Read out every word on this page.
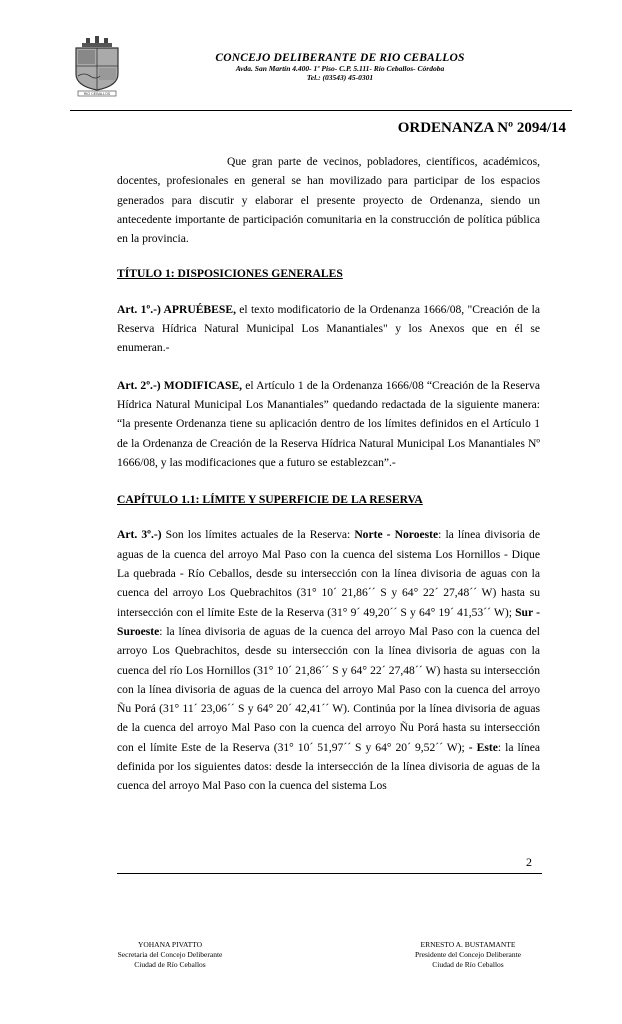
RIO CEBALLOS
CONCEJO DELIBERANTE DE RIO CEBALLOS
Avda. San Martín 4.400- 1º Piso- C.P. 5.111- Río Ceballos- Córdoba
Tel.: (03543) 45-0301
ORDENANZA Nº 2094/14

Que gran parte de vecinos, pobladores, científicos, académicos, docentes, profesionales en general se han movilizado para participar de los espacios generados para discutir y elaborar el presente proyecto de Ordenanza, siendo un antecedente importante de participación comunitaria en la construcción de política pública en la provincia.

TÍTULO 1: DISPOSICIONES GENERALES

Art. 1º.-) APRUÉBESE, el texto modificatorio de la Ordenanza 1666/08, "Creación de la Reserva Hídrica Natural Municipal Los Manantiales" y los Anexos que en él se enumeran.-

Art. 2º.-) MODIFICASE, el Artículo 1 de la Ordenanza 1666/08 “Creación de la Reserva Hídrica Natural Municipal Los Manantiales” quedando redactada de la siguiente manera: “la presente Ordenanza tiene su aplicación dentro de los límites definidos en el Artículo 1 de la Ordenanza de Creación de la Reserva Hídrica Natural Municipal Los Manantiales Nº 1666/08, y las modificaciones que a futuro se establezcan”.-

CAPÍTULO 1.1: LÍMITE Y SUPERFICIE DE LA RESERVA

Art. 3º.-) Son los límites actuales de la Reserva: Norte - Noroeste: la línea divisoria de aguas de la cuenca del arroyo Mal Paso con la cuenca del sistema Los Hornillos - Dique La quebrada - Río Ceballos, desde su intersección con la línea divisoria de aguas con la cuenca del arroyo Los Quebrachitos (31° 10´ 21,86´´ S y 64° 22´ 27,48´´ W) hasta su intersección con el límite Este de la Reserva (31° 9´ 49,20´´ S y 64° 19´ 41,53´´ W); Sur - Suroeste: la línea divisoria de aguas de la cuenca del arroyo Mal Paso con la cuenca del arroyo Los Quebrachitos, desde su intersección con la línea divisoria de aguas con la cuenca del río Los Hornillos (31° 10´ 21,86´´ S y 64° 22´ 27,48´´ W) hasta su intersección con la línea divisoria de aguas de la cuenca del arroyo Mal Paso con la cuenca del arroyo Ñu Porá (31° 11´ 23,06´´ S y 64° 20´ 42,41´´ W). Continúa por la línea divisoria de aguas de la cuenca del arroyo Mal Paso con la cuenca del arroyo Ñu Porá hasta su intersección con el límite Este de la Reserva (31° 10´ 51,97´´ S y 64° 20´ 9,52´´ W); - Este: la línea definida por los siguientes datos: desde la intersección de la línea divisoria de aguas de la cuenca del arroyo Mal Paso con la cuenca del sistema Los

2
YOHANA PIVATTO
Secretaria del Concejo Deliberante
Ciudad de Río Ceballos
ERNESTO A. BUSTAMANTE
Presidente del Concejo Deliberante
Ciudad de Río Ceballos
